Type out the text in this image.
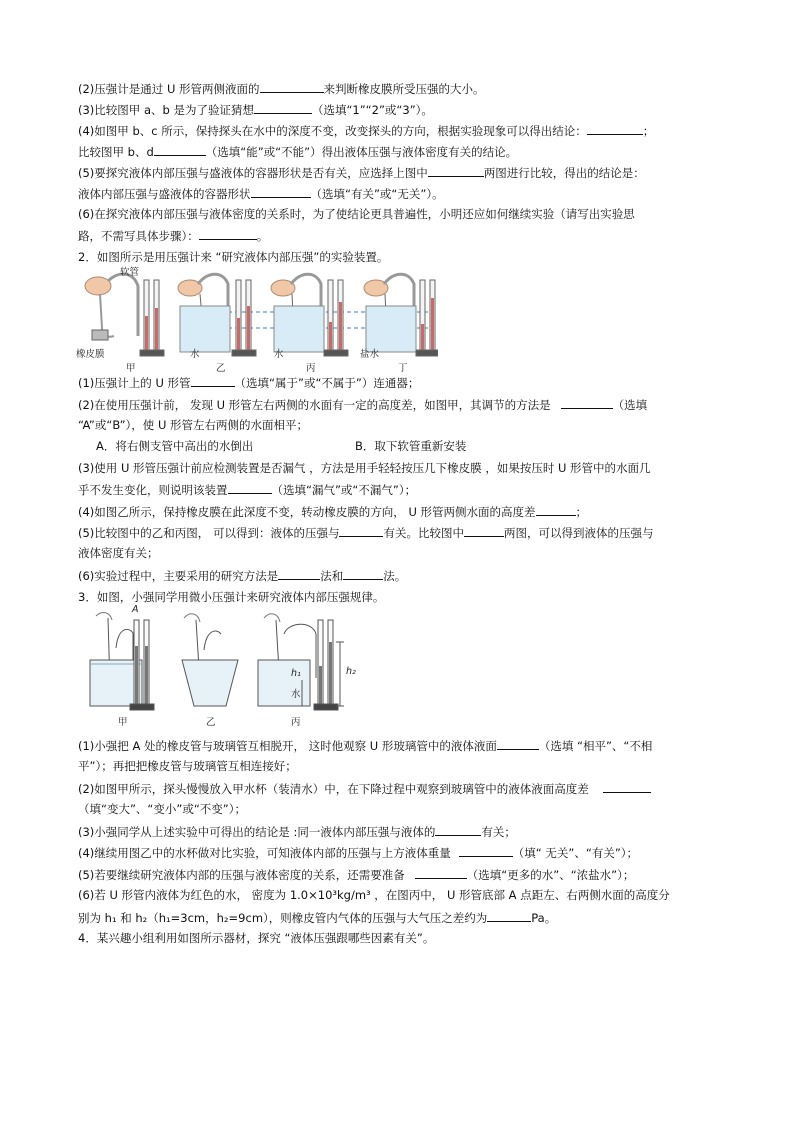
(2)压强计是通过 U 形管两侧液面的	来判断橡皮膜所受压强的大小。
(3)比较图甲 a、b 是为了验证猜想	（选填“1”“2”或“3”）。
(4)如图甲 b、c 所示，保持探头在水中的深度不变，改变探头的方向，根据实验现象可以得出结论：	；
比较图甲 b、d	（选填“能”或“不能”）得出液体压强与液体密度有关的结论。
(5)要探究液体内部压强与盛液体的容器形状是否有关，应选择上图中	两图进行比较，得出的结论是：
液体内部压强与盛液体的容器形状	（选填“有关”或“无关”）。
(6)在探究液体内部压强与液体密度的关系时，为了使结论更具普遍性，小明还应如何继续实验（请写出实验思
路，不需写具体步骤）：	。
2．如图所示是用压强计来 “研究液体内部压强”的实验装置。
软管
橡皮膜
甲
水
乙
水
丙
盐水
丁
(1)压强计上的 U 形管	（选填“属于”或“不属于”）连通器；
(2)在使用压强计前， 发现 U 形管左右两侧的水面有一定的高度差，如图甲，其调节的方法是	（选填
“A”或“B”），使 U 形管左右两侧的水面相平；
A．将右侧支管中高出的水倒出	B．取下软管重新安装
(3)使用 U 形管压强计前应检测装置是否漏气 ，方法是用手轻轻按压几下橡皮膜 ，如果按压时 U 形管中的水面几
乎不发生变化，则说明该装置	（选填“漏气”或“不漏气”）；
(4)如图乙所示，保持橡皮膜在此深度不变，转动橡皮膜的方向， U 形管两侧水面的高度差	；
(5)比较图中的乙和丙图， 可以得到：液体的压强与	有关。比较图中	两图，可以得到液体的压强与
液体密度有关；
(6)实验过程中，主要采用的研究方法是	法和	法。
3．如图，小强同学用微小压强计来研究液体内部压强规律。
A
甲	乙
水
丙
h₁	h₂
(1)小强把 A 处的橡皮管与玻璃管互相脱开， 这时他观察 U 形玻璃管中的液体液面	（选填 “相平”、“不相
平”）；再把把橡皮管与玻璃管互相连接好；
(2)如图甲所示，探头慢慢放入甲水杯（装清水）中，在下降过程中观察到玻璃管中的液体液面高度差
（填“变大”、“变小”或“不变”）；
(3)小强同学从上述实验中可得出的结论是 :同一液体内部压强与液体的	有关；
(4)继续用图乙中的水杯做对比实验，可知液体内部的压强与上方液体重量	（填“ 无关”、“有关”）；
(5)若要继续研究液体内部的压强与液体密度的关系，还需要准备	（选填“更多的水”、“浓盐水”）；
(6)若 U 形管内液体为红色的水， 密度为 1.0×10³kg/m³ ，在图丙中， U 形管底部 A 点距左、右两侧水面的高度分
别为 h₁ 和 h₂（h₁=3cm，h₂=9cm），则橡皮管内气体的压强与大气压之差约为	Pa。
4．某兴趣小组利用如图所示器材，探究 “液体压强跟哪些因素有关”。
